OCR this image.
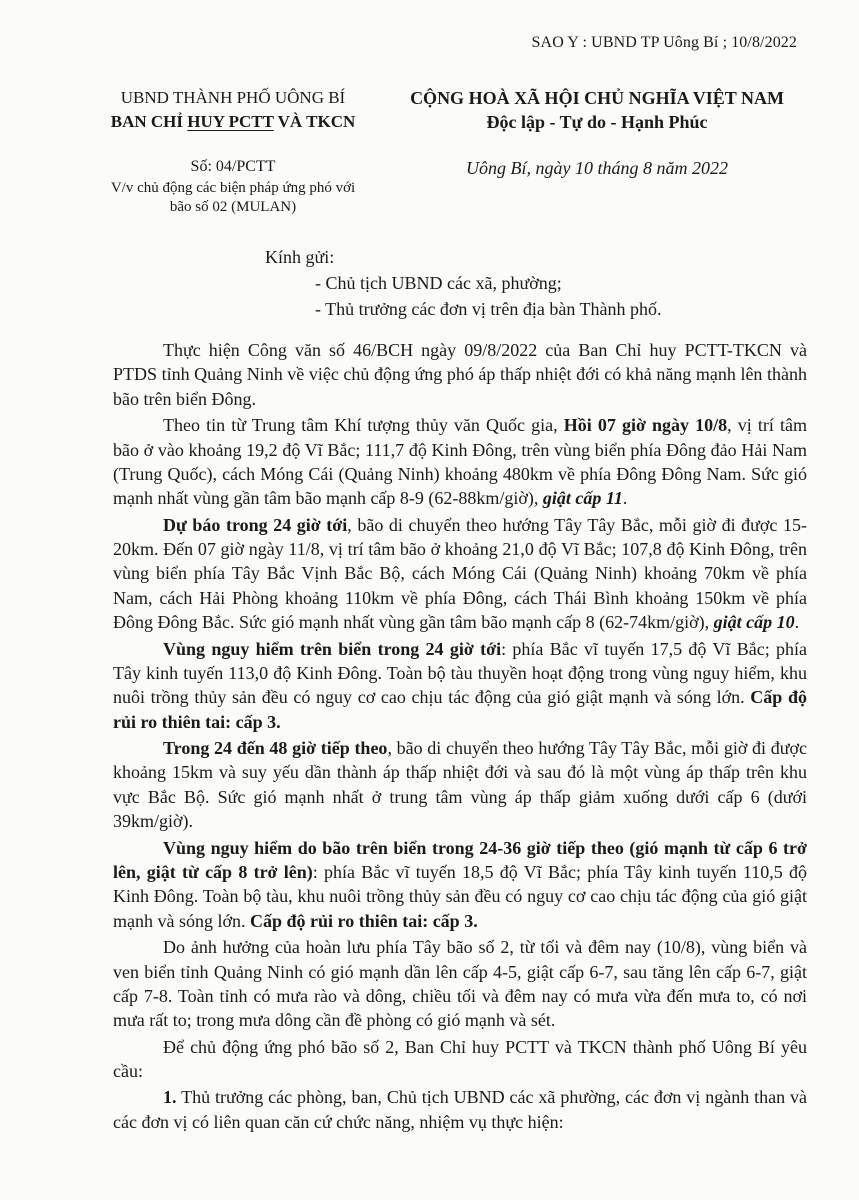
SAO Y : UBND TP Uông Bí ; 10/8/2022
UBND THÀNH PHỐ UÔNG BÍ
BAN CHỈ HUY PCTT VÀ TKCN
CỘNG HOÀ XÃ HỘI CHỦ NGHĨA VIỆT NAM
Độc lập - Tự do - Hạnh Phúc
Số: 04/PCTT
V/v chủ động các biện pháp ứng phó với
bão số 02 (MULAN)
Uông Bí, ngày 10 tháng 8 năm 2022
Kính gửi:
- Chủ tịch UBND các xã, phường;
- Thủ trưởng các đơn vị trên địa bàn Thành phố.

Thực hiện Công văn số 46/BCH ngày 09/8/2022 của Ban Chỉ huy PCTT-TKCN và PTDS tỉnh Quảng Ninh về việc chủ động ứng phó áp thấp nhiệt đới có khả năng mạnh lên thành bão trên biển Đông.

Theo tin từ Trung tâm Khí tượng thủy văn Quốc gia, Hồi 07 giờ ngày 10/8, vị trí tâm bão ở vào khoảng 19,2 độ Vĩ Bắc; 111,7 độ Kinh Đông, trên vùng biển phía Đông đảo Hải Nam (Trung Quốc), cách Móng Cái (Quảng Ninh) khoảng 480km về phía Đông Đông Nam. Sức gió mạnh nhất vùng gần tâm bão mạnh cấp 8-9 (62-88km/giờ), giật cấp 11.

Dự báo trong 24 giờ tới, bão di chuyển theo hướng Tây Tây Bắc, mỗi giờ đi được 15-20km. Đến 07 giờ ngày 11/8, vị trí tâm bão ở khoảng 21,0 độ Vĩ Bắc; 107,8 độ Kinh Đông, trên vùng biển phía Tây Bắc Vịnh Bắc Bộ, cách Móng Cái (Quảng Ninh) khoảng 70km về phía Nam, cách Hải Phòng khoảng 110km về phía Đông, cách Thái Bình khoảng 150km về phía Đông Đông Bắc. Sức gió mạnh nhất vùng gần tâm bão mạnh cấp 8 (62-74km/giờ), giật cấp 10.

Vùng nguy hiểm trên biển trong 24 giờ tới: phía Bắc vĩ tuyến 17,5 độ Vĩ Bắc; phía Tây kinh tuyến 113,0 độ Kinh Đông. Toàn bộ tàu thuyền hoạt động trong vùng nguy hiểm, khu nuôi trồng thủy sản đều có nguy cơ cao chịu tác động của gió giật mạnh và sóng lớn. Cấp độ rủi ro thiên tai: cấp 3.

Trong 24 đến 48 giờ tiếp theo, bão di chuyển theo hướng Tây Tây Bắc, mỗi giờ đi được khoảng 15km và suy yếu dần thành áp thấp nhiệt đới và sau đó là một vùng áp thấp trên khu vực Bắc Bộ. Sức gió mạnh nhất ở trung tâm vùng áp thấp giảm xuống dưới cấp 6 (dưới 39km/giờ).

Vùng nguy hiểm do bão trên biển trong 24-36 giờ tiếp theo (gió mạnh từ cấp 6 trở lên, giật từ cấp 8 trở lên): phía Bắc vĩ tuyến 18,5 độ Vĩ Bắc; phía Tây kinh tuyến 110,5 độ Kinh Đông. Toàn bộ tàu, khu nuôi trồng thủy sản đều có nguy cơ cao chịu tác động của gió giật mạnh và sóng lớn. Cấp độ rủi ro thiên tai: cấp 3.

Do ảnh hưởng của hoàn lưu phía Tây bão số 2, từ tối và đêm nay (10/8), vùng biển và ven biển tỉnh Quảng Ninh có gió mạnh dần lên cấp 4-5, giật cấp 6-7, sau tăng lên cấp 6-7, giật cấp 7-8. Toàn tỉnh có mưa rào và dông, chiều tối và đêm nay có mưa vừa đến mưa to, có nơi mưa rất to; trong mưa dông cần đề phòng có gió mạnh và sét.

Để chủ động ứng phó bão số 2, Ban Chỉ huy PCTT và TKCN thành phố Uông Bí yêu cầu:

1. Thủ trưởng các phòng, ban, Chủ tịch UBND các xã phường, các đơn vị ngành than và các đơn vị có liên quan căn cứ chức năng, nhiệm vụ thực hiện:
